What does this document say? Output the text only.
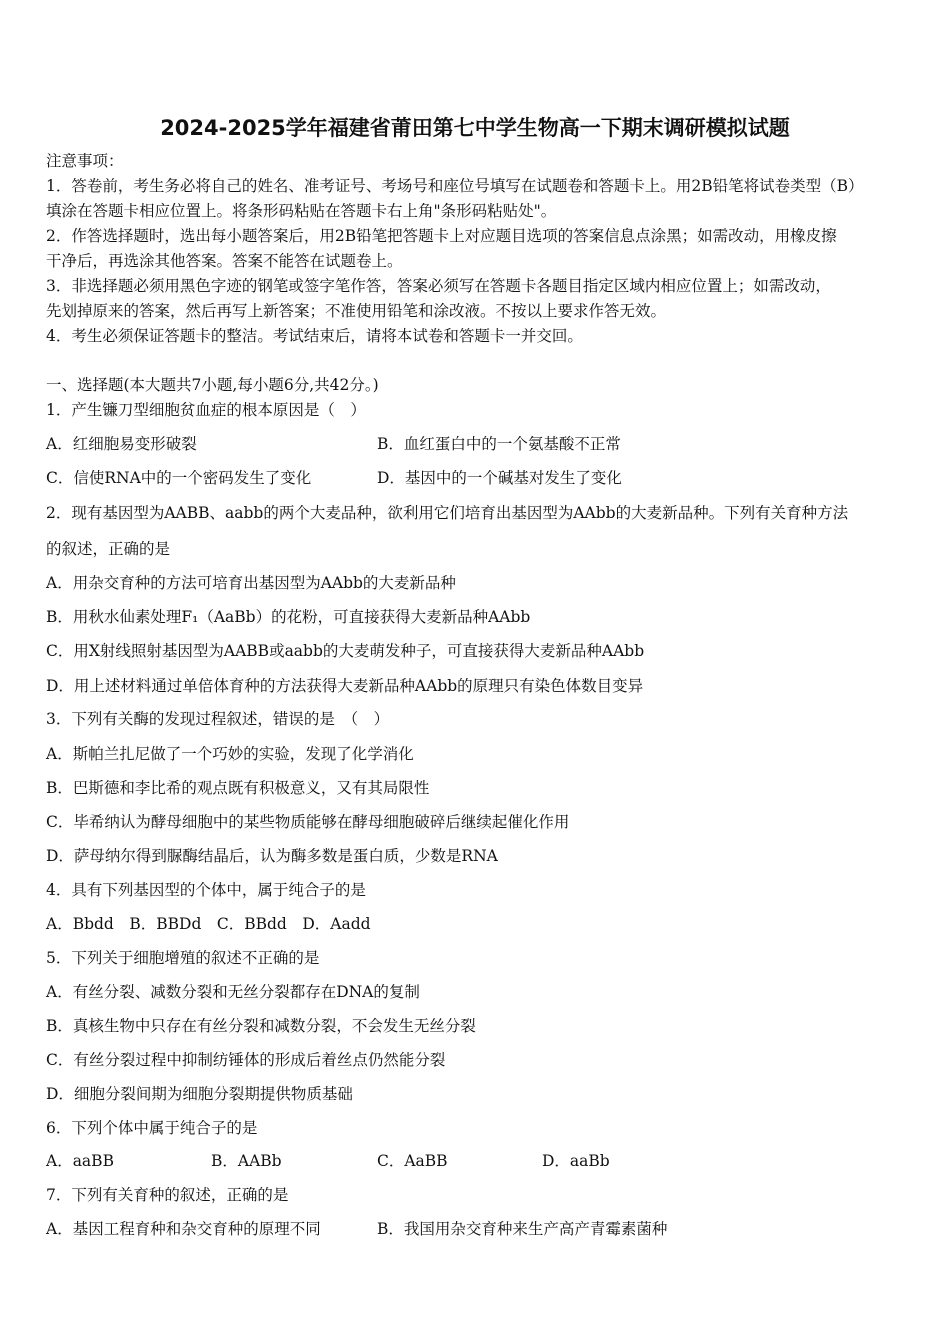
2024-2025学年福建省莆田第七中学生物高一下期末调研模拟试题
注意事项：
1．答卷前，考生务必将自己的姓名、准考证号、考场号和座位号填写在试题卷和答题卡上。用2B铅笔将试卷类型（B）
填涂在答题卡相应位置上。将条形码粘贴在答题卡右上角"条形码粘贴处"。
2．作答选择题时，选出每小题答案后，用2B铅笔把答题卡上对应题目选项的答案信息点涂黑；如需改动，用橡皮擦
干净后，再选涂其他答案。答案不能答在试题卷上。
3．非选择题必须用黑色字迹的钢笔或签字笔作答，答案必须写在答题卡各题目指定区域内相应位置上；如需改动，
先划掉原来的答案，然后再写上新答案；不准使用铅笔和涂改液。不按以上要求作答无效。
4．考生必须保证答题卡的整洁。考试结束后，请将本试卷和答题卡一并交回。
一、选择题(本大题共7小题,每小题6分,共42分。)
1．产生镰刀型细胞贫血症的根本原因是（　）
A．红细胞易变形破裂	B．血红蛋白中的一个氨基酸不正常
C．信使RNA中的一个密码发生了变化	D．基因中的一个碱基对发生了变化
2．现有基因型为AABB、aabb的两个大麦品种，欲利用它们培育出基因型为AAbb的大麦新品种。下列有关育种方法
的叙述，正确的是
A．用杂交育种的方法可培育出基因型为AAbb的大麦新品种
B．用秋水仙素处理F₁（AaBb）的花粉，可直接获得大麦新品种AAbb
C．用X射线照射基因型为AABB或aabb的大麦萌发种子，可直接获得大麦新品种AAbb
D．用上述材料通过单倍体育种的方法获得大麦新品种AAbb的原理只有染色体数目变异
3．下列有关酶的发现过程叙述，错误的是　（　）
A．斯帕兰扎尼做了一个巧妙的实验，发现了化学消化
B．巴斯德和李比希的观点既有积极意义，又有其局限性
C．毕希纳认为酵母细胞中的某些物质能够在酵母细胞破碎后继续起催化作用
D．萨母纳尔得到脲酶结晶后，认为酶多数是蛋白质，少数是RNA
4．具有下列基因型的个体中，属于纯合子的是
A．Bbdd　B．BBDd　C．BBdd　D．Aadd
5．下列关于细胞增殖的叙述不正确的是
A．有丝分裂、减数分裂和无丝分裂都存在DNA的复制
B．真核生物中只存在有丝分裂和减数分裂，不会发生无丝分裂
C．有丝分裂过程中抑制纺锤体的形成后着丝点仍然能分裂
D．细胞分裂间期为细胞分裂期提供物质基础
6．下列个体中属于纯合子的是
A．aaBB	B．AABb	C．AaBB	D．aaBb
7．下列有关育种的叙述，正确的是
A．基因工程育种和杂交育种的原理不同	B．我国用杂交育种来生产高产青霉素菌种
